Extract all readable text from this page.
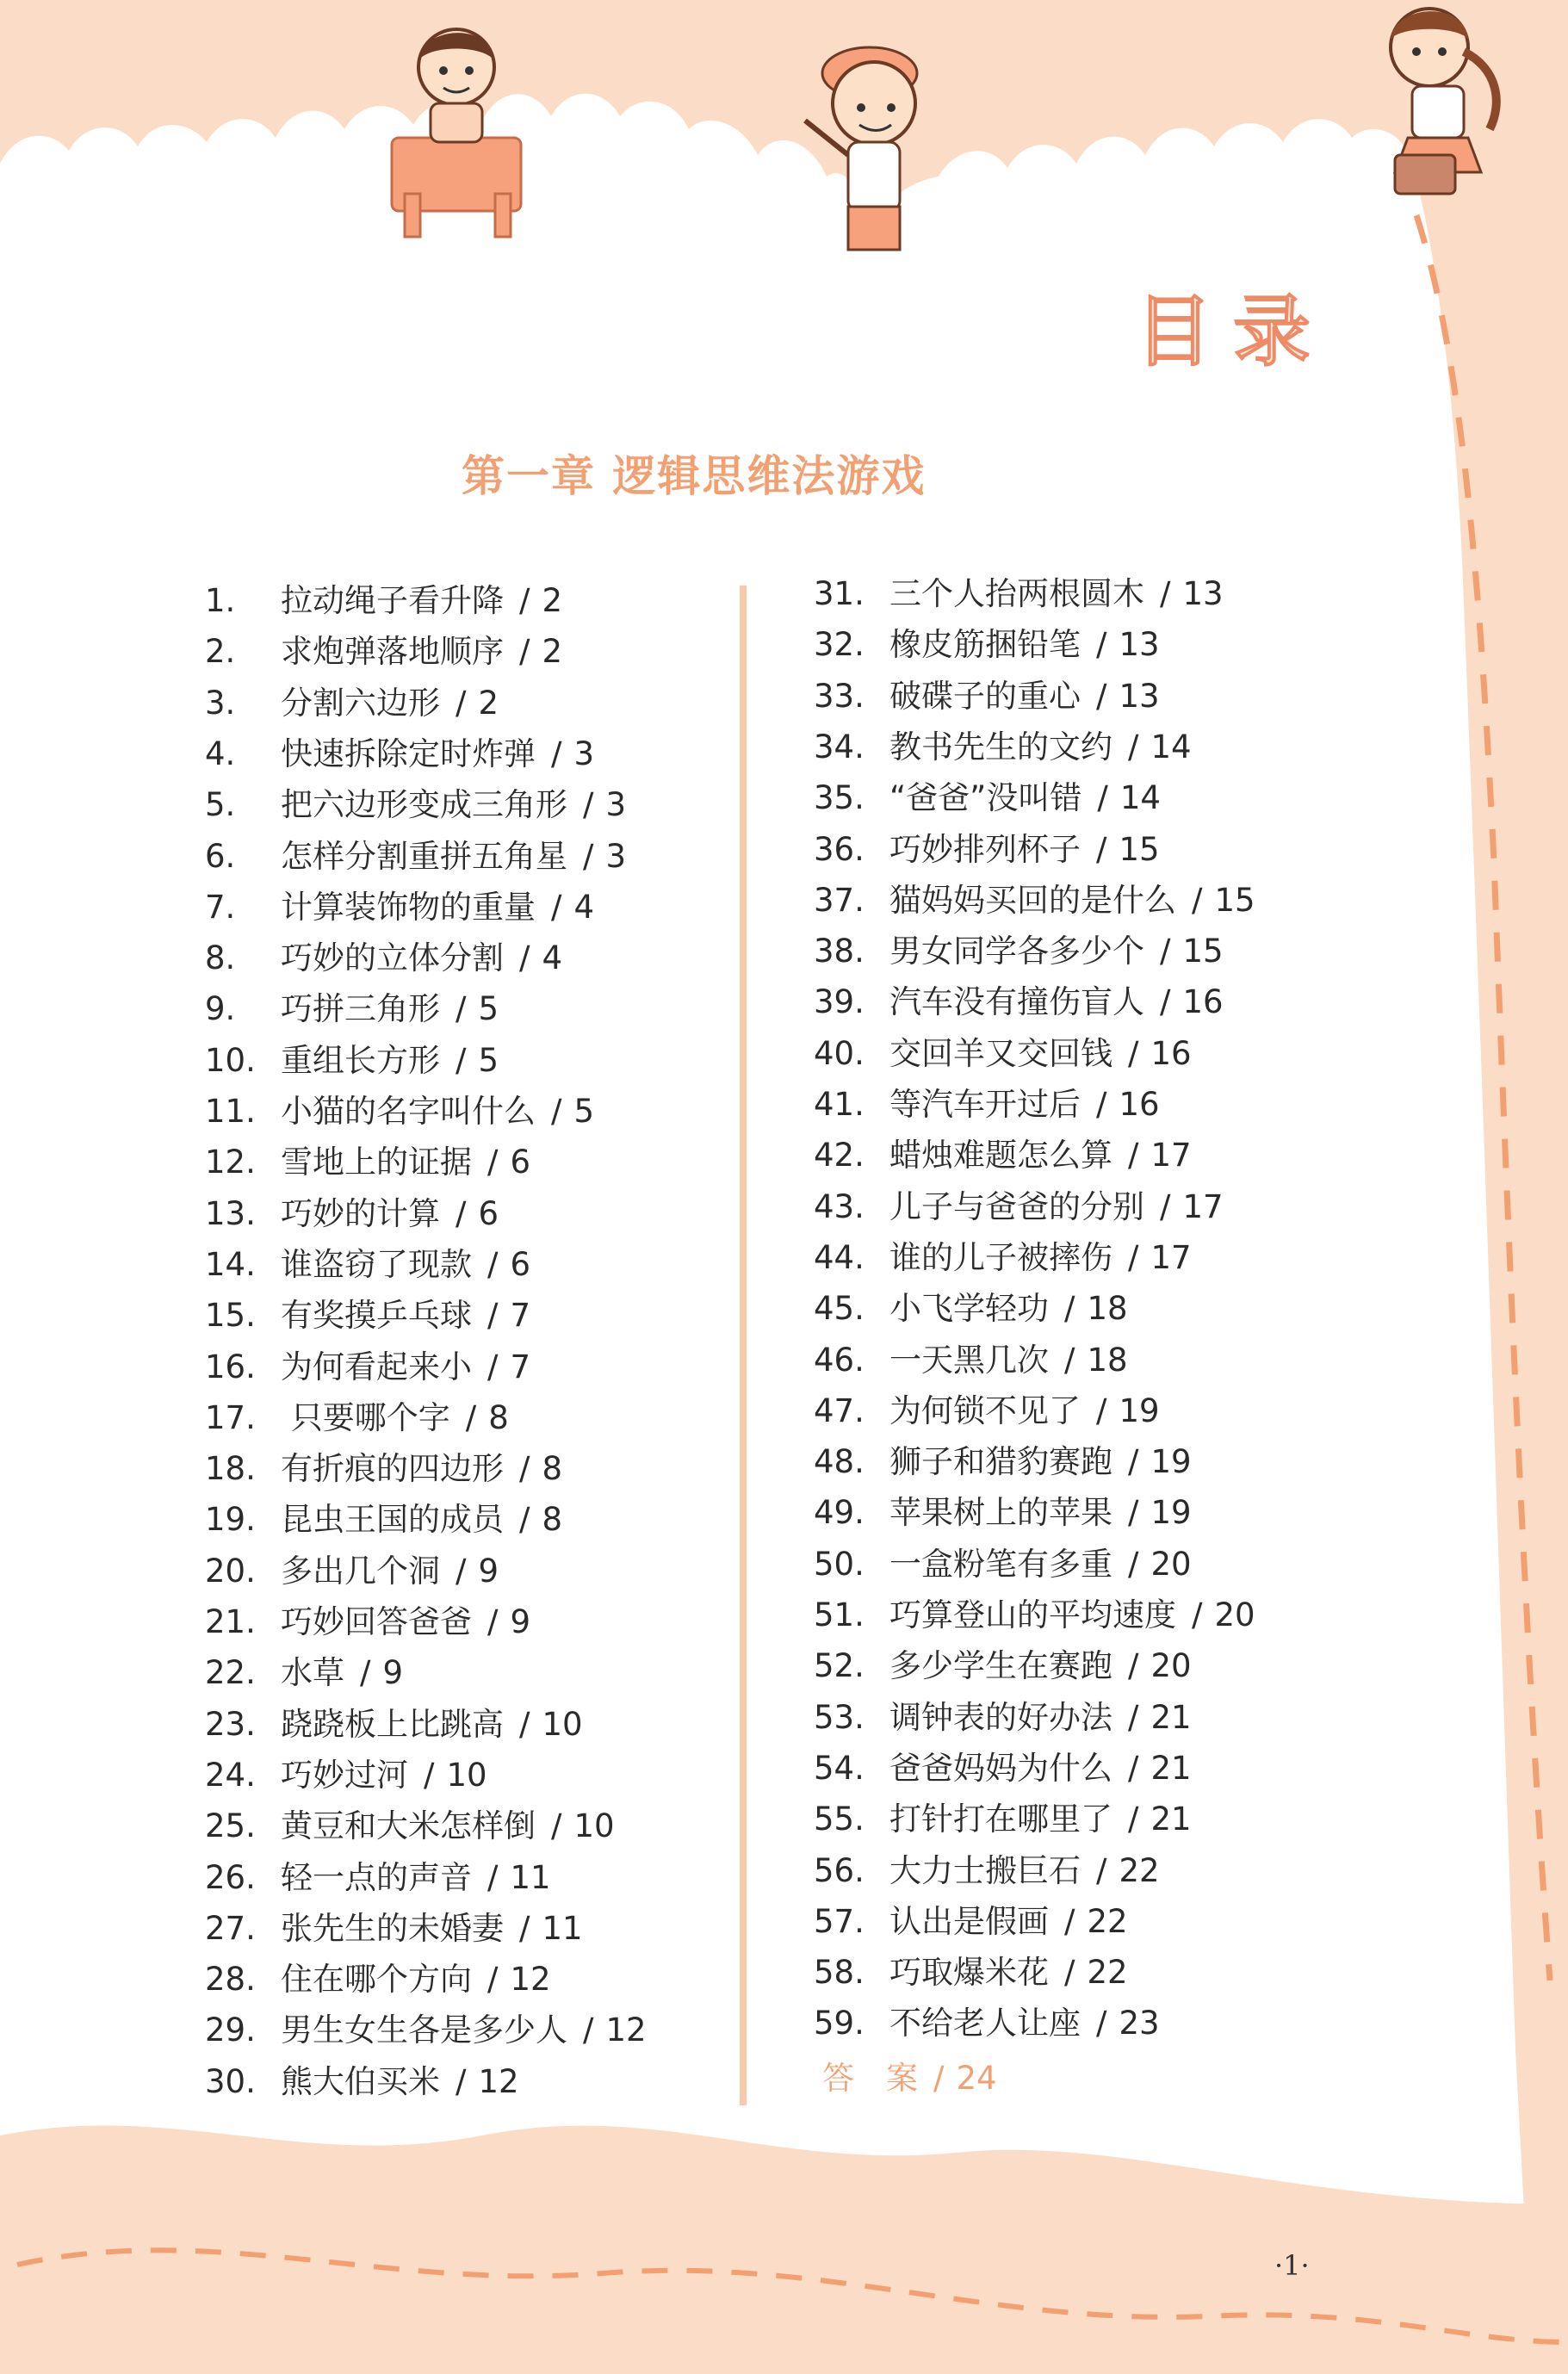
目录
第一章 逻辑思维法游戏
1. 拉动绳子看升降 / 2
2. 求炮弹落地顺序 / 2
3. 分割六边形 / 2
4. 快速拆除定时炸弹 / 3
5. 把六边形变成三角形 / 3
6. 怎样分割重拼五角星 / 3
7. 计算装饰物的重量 / 4
8. 巧妙的立体分割 / 4
9. 巧拼三角形 / 5
10. 重组长方形 / 5
11. 小猫的名字叫什么 / 5
12. 雪地上的证据 / 6
13. 巧妙的计算 / 6
14. 谁盗窃了现款 / 6
15. 有奖摸乒乓球 / 7
16. 为何看起来小 / 7
17. 只要哪个字 / 8
18. 有折痕的四边形 / 8
19. 昆虫王国的成员 / 8
20. 多出几个洞 / 9
21. 巧妙回答爸爸 / 9
22. 水草 / 9
23. 跷跷板上比跳高 / 10
24. 巧妙过河 / 10
25. 黄豆和大米怎样倒 / 10
26. 轻一点的声音 / 11
27. 张先生的未婚妻 / 11
28. 住在哪个方向 / 12
29. 男生女生各是多少人 / 12
30. 熊大伯买米 / 12
31. 三个人抬两根圆木 / 13
32. 橡皮筋捆铅笔 / 13
33. 破碟子的重心 / 13
34. 教书先生的文约 / 14
35. “爸爸”没叫错 / 14
36. 巧妙排列杯子 / 15
37. 猫妈妈买回的是什么 / 15
38. 男女同学各多少个 / 15
39. 汽车没有撞伤盲人 / 16
40. 交回羊又交回钱 / 16
41. 等汽车开过后 / 16
42. 蜡烛难题怎么算 / 17
43. 儿子与爸爸的分别 / 17
44. 谁的儿子被摔伤 / 17
45. 小飞学轻功 / 18
46. 一天黑几次 / 18
47. 为何锁不见了 / 19
48. 狮子和猎豹赛跑 / 19
49. 苹果树上的苹果 / 19
50. 一盒粉笔有多重 / 20
51. 巧算登山的平均速度 / 20
52. 多少学生在赛跑 / 20
53. 调钟表的好办法 / 21
54. 爸爸妈妈为什么 / 21
55. 打针打在哪里了 / 21
56. 大力士搬巨石 / 22
57. 认出是假画 / 22
58. 巧取爆米花 / 22
59. 不给老人让座 / 23
答　案 / 24
·1·
